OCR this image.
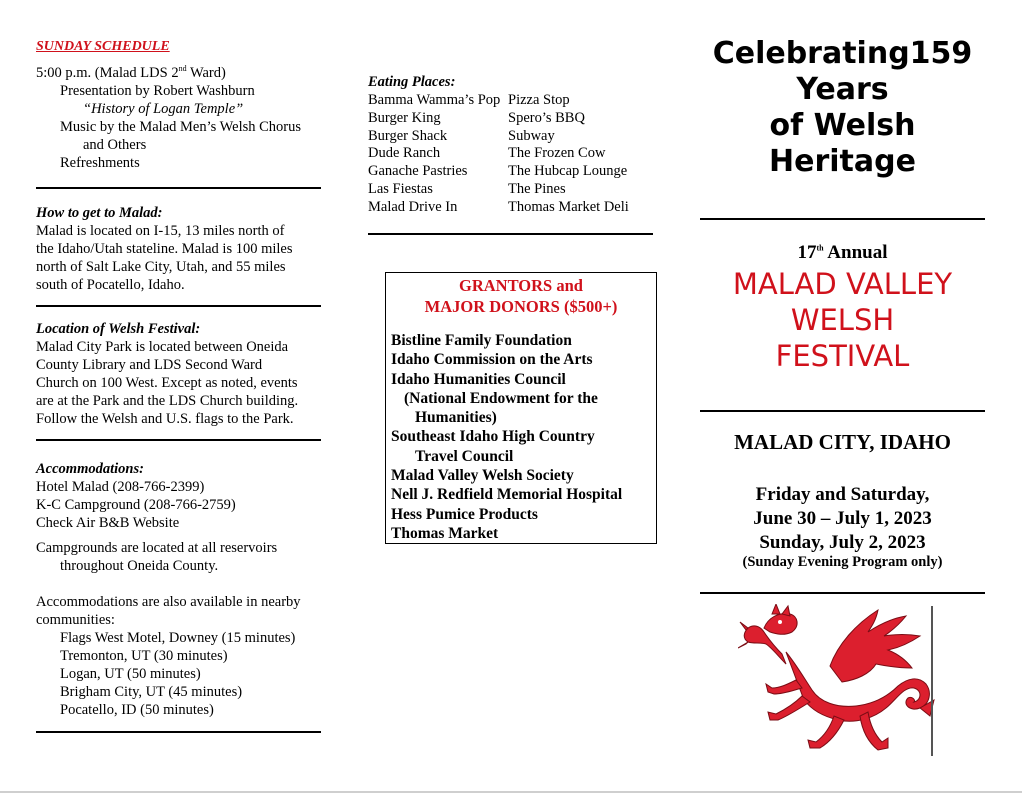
SUNDAY SCHEDULE
5:00 p.m. (Malad LDS 2nd Ward)
Presentation by Robert Washburn
“History of Logan Temple”
Music by the Malad Men’s Welsh Chorus
and Others
Refreshments
How to get to Malad:
Malad is located on I-15, 13 miles north of
the Idaho/Utah stateline. Malad is 100 miles
north of Salt Lake City, Utah, and 55 miles
south of Pocatello, Idaho.
Location of Welsh Festival:
Malad City Park is located between Oneida
County Library and LDS Second Ward
Church on 100 West. Except as noted, events
are at the Park and the LDS Church building.
Follow the Welsh and U.S. flags to the Park.
Accommodations:
Hotel Malad (208-766-2399)
K-C Campground (208-766-2759)
Check Air B&B Website
Campgrounds are located at all reservoirs
throughout Oneida County.
Accommodations are also available in nearby
communities:
Flags West Motel, Downey (15 minutes)
Tremonton, UT (30 minutes)
Logan, UT (50 minutes)
Brigham City, UT (45 minutes)
Pocatello, ID (50 minutes)
Eating Places:
Bamma Wamma’s Pop	Pizza Stop
Burger King	Spero’s BBQ
Burger Shack	Subway
Dude Ranch	The Frozen Cow
Ganache Pastries	The Hubcap Lounge
Las Fiestas	The Pines
Malad Drive In	Thomas Market Deli
GRANTORS and
MAJOR DONORS ($500+)
Bistline Family Foundation
Idaho Commission on the Arts
Idaho Humanities Council
(National Endowment for the
Humanities)
Southeast Idaho High Country
Travel Council
Malad Valley Welsh Society
Nell J. Redfield Memorial Hospital
Hess Pumice Products
Thomas Market
Celebrating159
Years
of Welsh
Heritage
17th Annual
MALAD VALLEY
WELSH
FESTIVAL
MALAD CITY, IDAHO
Friday and Saturday,
June 30 – July 1, 2023
Sunday, July 2, 2023
(Sunday Evening Program only)
